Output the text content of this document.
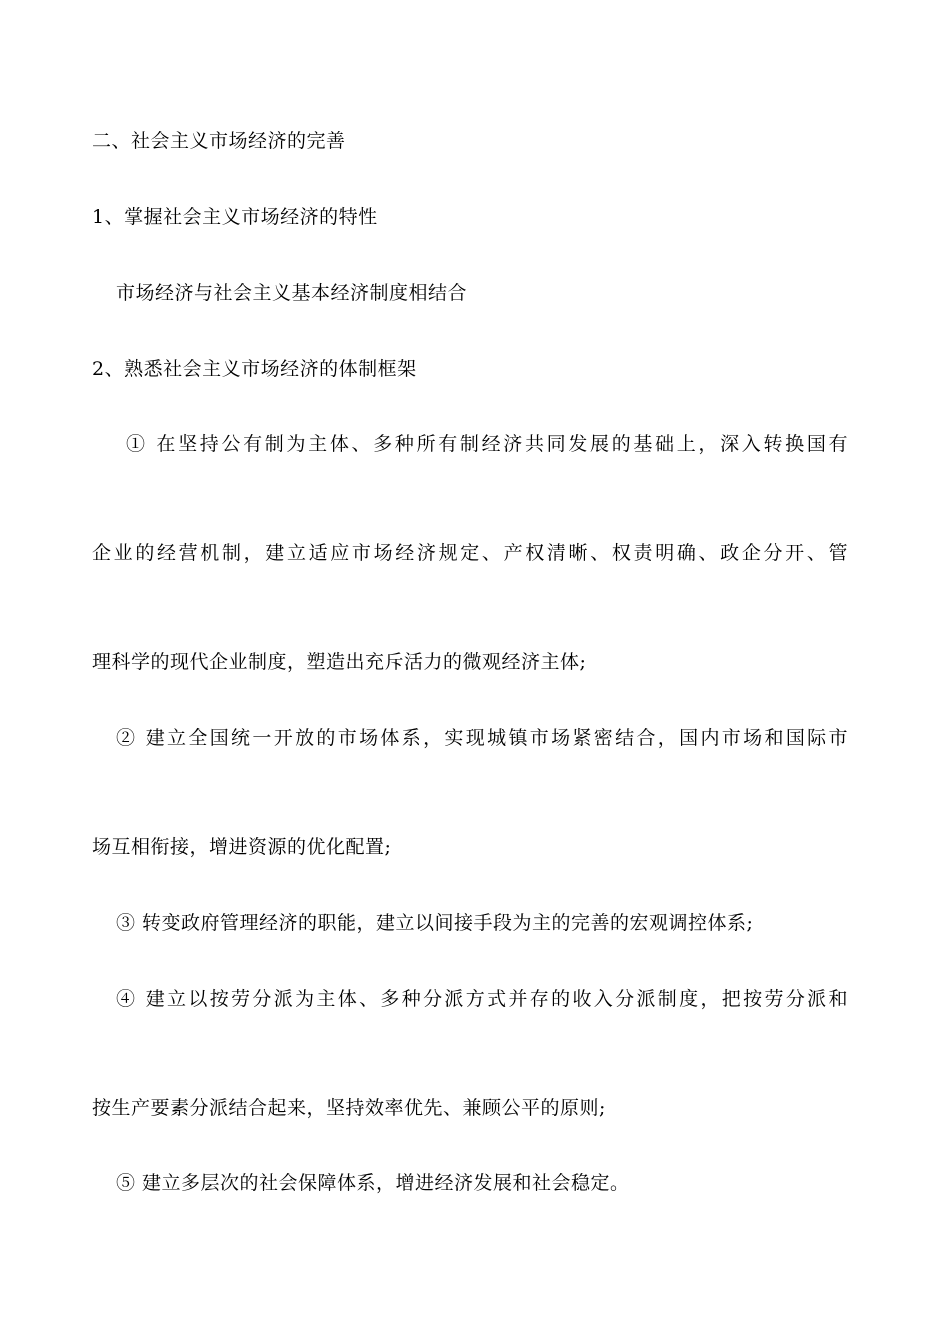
二、社会主义市场经济的完善
1、掌握社会主义市场经济的特性
市场经济与社会主义基本经济制度相结合
2、熟悉社会主义市场经济的体制框架
① 在坚持公有制为主体、多种所有制经济共同发展的基础上，深入转换国有
企业的经营机制，建立适应市场经济规定、产权清晰、权责明确、政企分开、管
理科学的现代企业制度，塑造出充斥活力的微观经济主体;
② 建立全国统一开放的市场体系，实现城镇市场紧密结合，国内市场和国际市
场互相衔接，增进资源的优化配置;
③ 转变政府管理经济的职能，建立以间接手段为主的完善的宏观调控体系;
④ 建立以按劳分派为主体、多种分派方式并存的收入分派制度，把按劳分派和
按生产要素分派结合起来，坚持效率优先、兼顾公平的原则;
⑤ 建立多层次的社会保障体系，增进经济发展和社会稳定。
